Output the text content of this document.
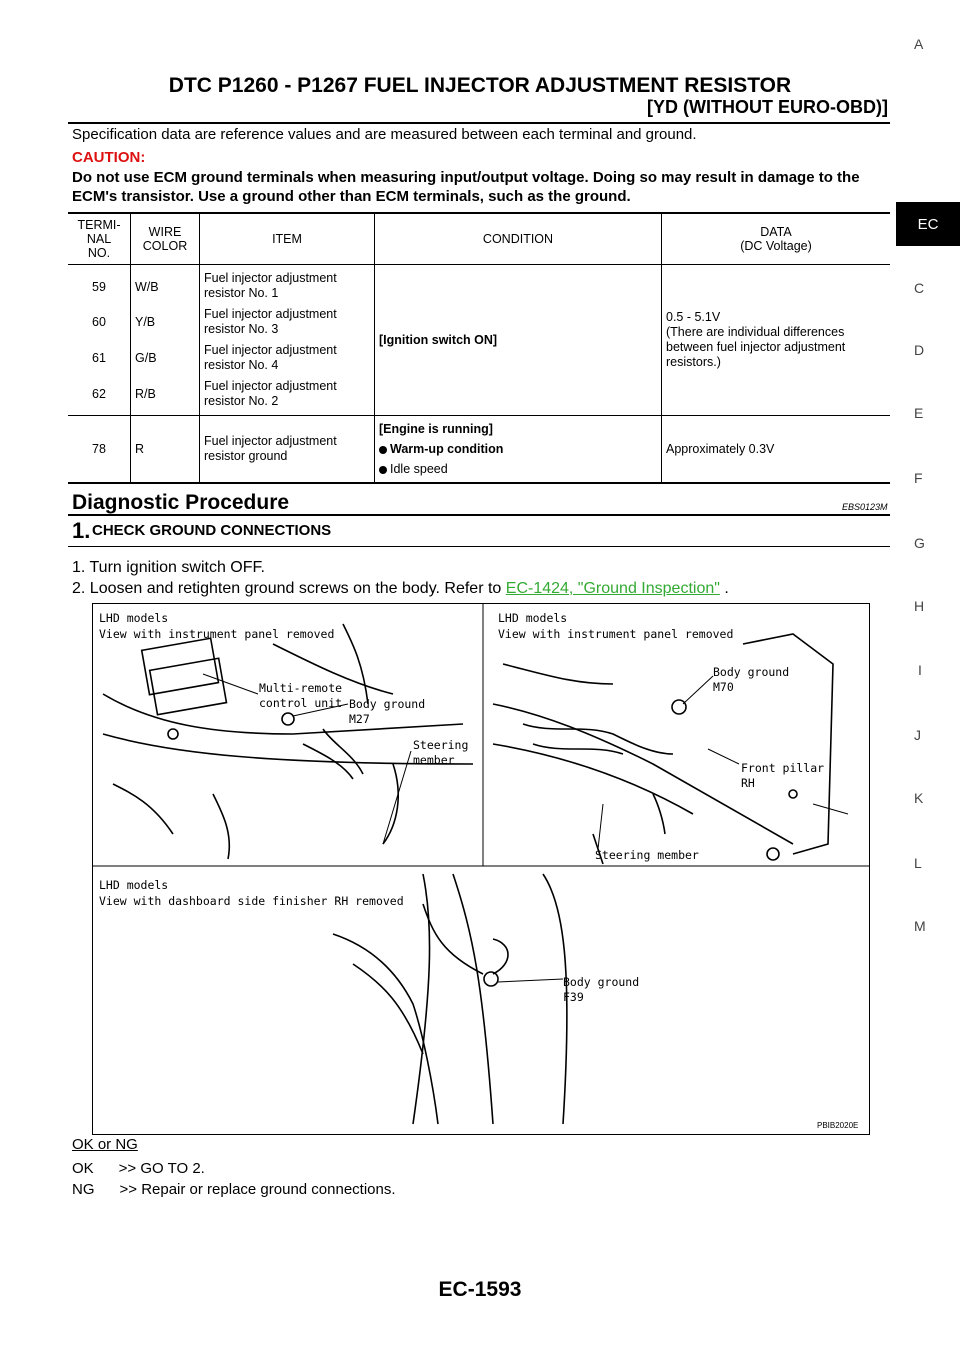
DTC P1260 - P1267 FUEL INJECTOR ADJUSTMENT RESISTOR
[YD (WITHOUT EURO-OBD)]
Specification data are reference values and are measured between each terminal and ground.
CAUTION:
Do not use ECM ground terminals when measuring input/output voltage. Doing so may result in damage to the ECM's transistor. Use a ground other than ECM terminals, such as the ground.
TERMI-
NAL
NO.	WIRE
COLOR	ITEM	CONDITION	DATA
(DC Voltage)
59	W/B	Fuel injector adjustment resistor No. 1	[Ignition switch ON]	0.5 - 5.1V
(There are individual differences between fuel injector adjustment resistors.)
60	Y/B	Fuel injector adjustment resistor No. 3		
61	G/B	Fuel injector adjustment resistor No. 4		
62	R/B	Fuel injector adjustment resistor No. 2		
78	R	Fuel injector adjustment resistor ground	[Engine is running]
Warm-up condition
Idle speed	Approximately 0.3V
A
EC
C
D
E
F
G
H
I
J
K
L
M
Diagnostic Procedure	EBS0123M
1. CHECK GROUND CONNECTIONS
1. Turn ignition switch OFF.
2. Loosen and retighten ground screws on the body. Refer to EC-1424, "Ground Inspection" .
LHD models
View with instrument panel removed
Multi-remote
control unit Body ground
M27
Steering
member
LHD models
View with instrument panel removed
Body ground
M70
Front pillar
RH
Steering member
LHD models
View with dashboard side finisher RH removed
Body ground
F39
PBIB2020E
OK or NG
OK      >> GO TO 2.
NG      >> Repair or replace ground connections.
EC-1593
